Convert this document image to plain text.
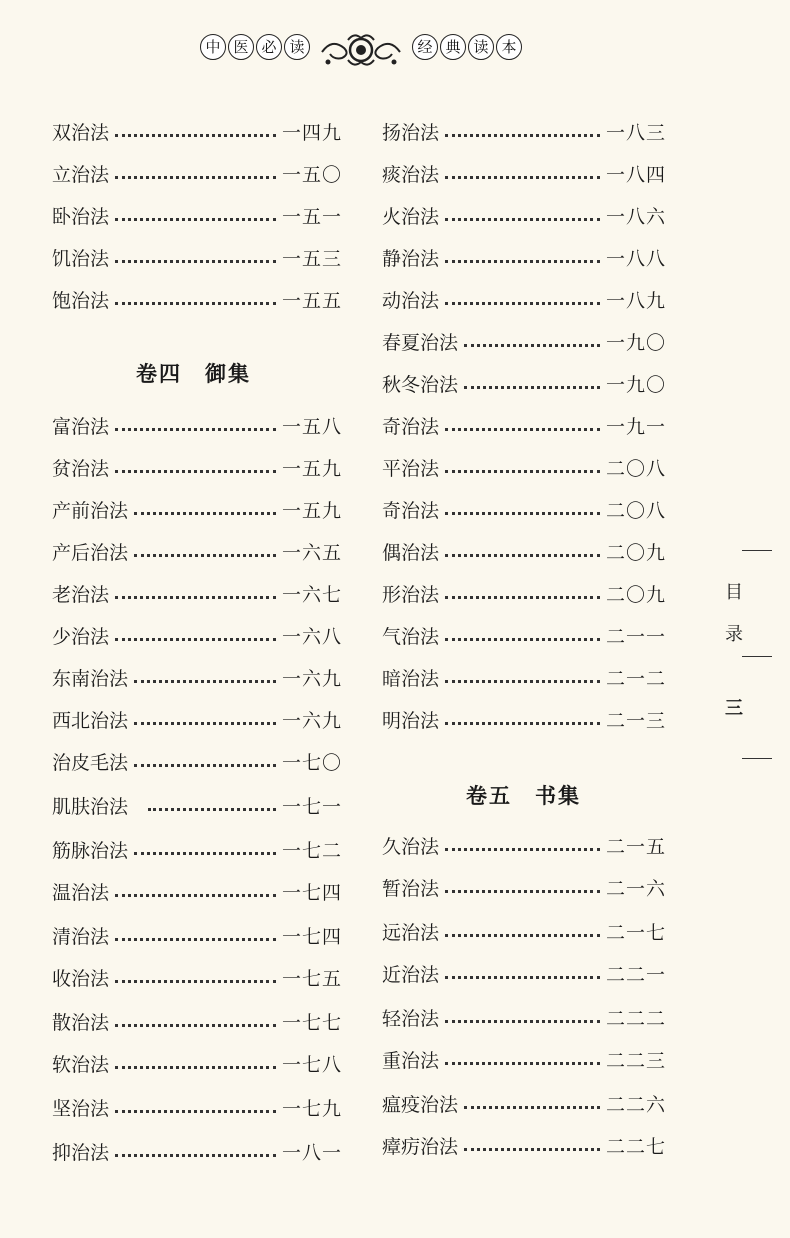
中 医 必 读	经 典 读 本
双治法	一四九
立治法	一五〇
卧治法	一五一
饥治法	一五三
饱治法	一五五
卷四　御集
富治法	一五八
贫治法	一五九
产前治法	一五九
产后治法	一六五
老治法	一六七
少治法	一六八
东南治法	一六九
西北治法	一六九
治皮毛法	一七〇
肌肤治法	一七一
筋脉治法	一七二
温治法	一七四
清治法	一七四
收治法	一七五
散治法	一七七
软治法	一七八
坚治法	一七九
抑治法	一八一
扬治法	一八三
痰治法	一八四
火治法	一八六
静治法	一八八
动治法	一八九
春夏治法	一九〇
秋冬治法	一九〇
奇治法	一九一
平治法	二〇八
奇治法	二〇八
偶治法	二〇九
形治法	二〇九
气治法	二一一
暗治法	二一二
明治法	二一三
卷五　书集
久治法	二一五
暂治法	二一六
远治法	二一七
近治法	二二一
轻治法	二二二
重治法	二二三
瘟疫治法	二二六
瘴疠治法	二二七
目
录
三
